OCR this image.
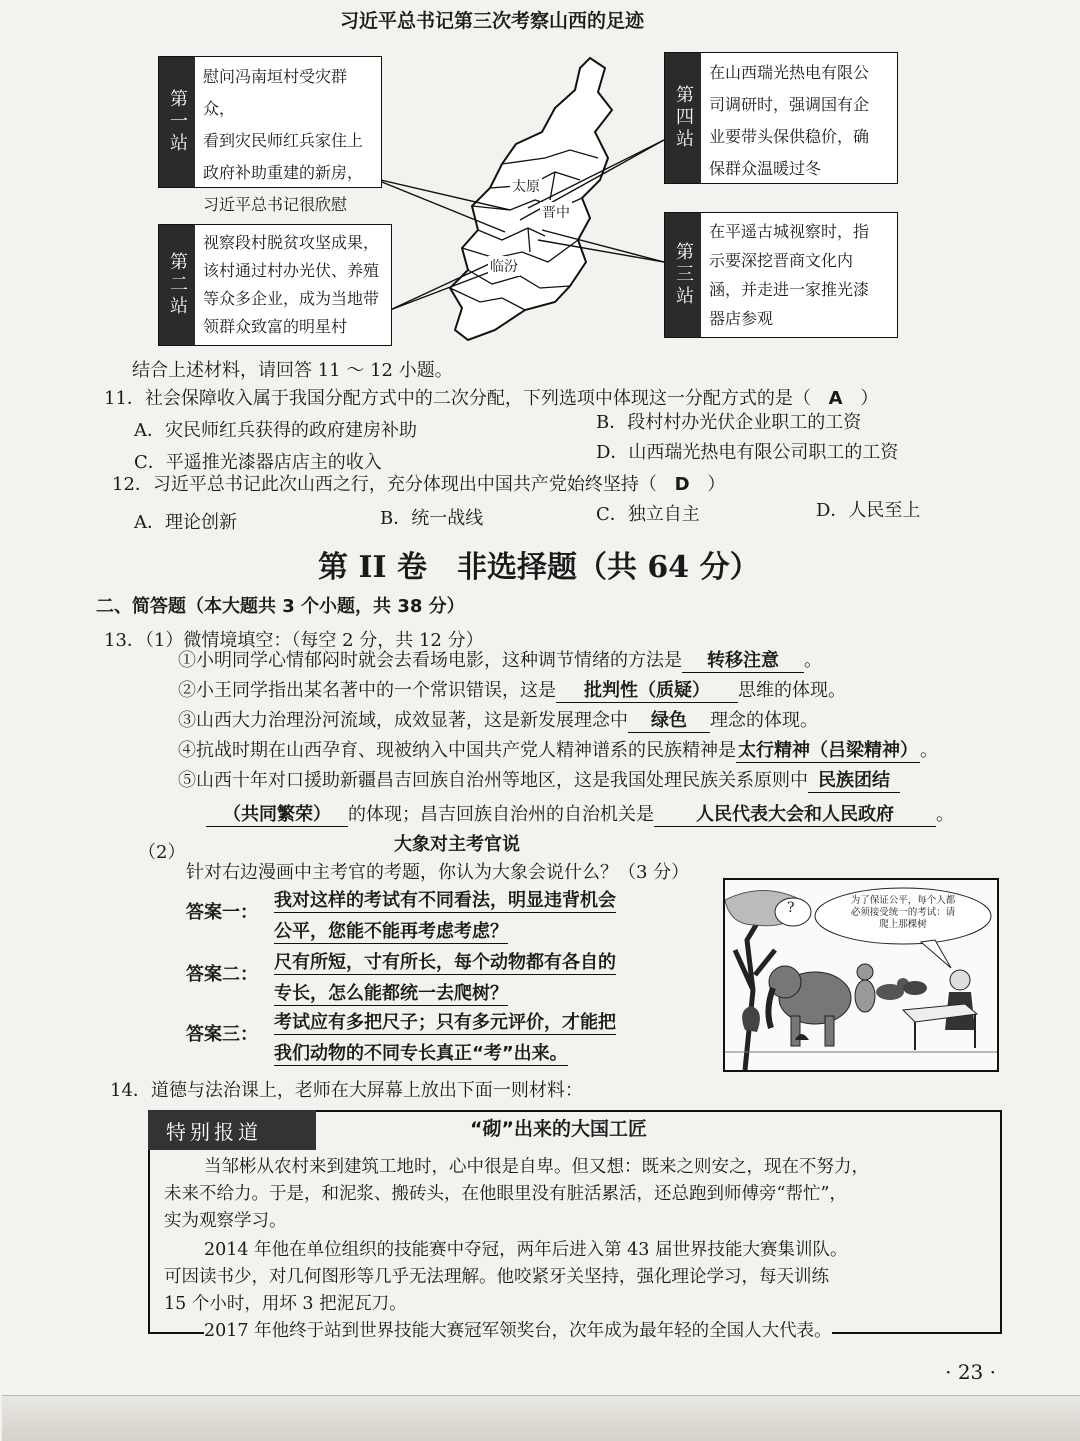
习近平总书记第三次考察山西的足迹
太原
晋中
临汾
第一站
慰问冯南垣村受灾群众，
看到灾民师红兵家住上
政府补助重建的新房，
习近平总书记很欣慰
第二站
视察段村脱贫攻坚成果，
该村通过村办光伏、养殖
等众多企业，成为当地带
领群众致富的明星村
第三站
在平遥古城视察时，指
示要深挖晋商文化内
涵，并走进一家推光漆
器店参观
第四站
在山西瑞光热电有限公
司调研时，强调国有企
业要带头保供稳价，确
保群众温暖过冬
结合上述材料，请回答 11 ～ 12 小题。
11．社会保障收入属于我国分配方式中的二次分配，下列选项中体现这一分配方式的是（ A ）
A．灾民师红兵获得的政府建房补助	B．段村村办光伏企业职工的工资
C．平遥推光漆器店店主的收入	D．山西瑞光热电有限公司职工的工资
12．习近平总书记此次山西之行，充分体现出中国共产党始终坚持（ D ）
A．理论创新	B．统一战线	C．独立自主	D．人民至上
第 II 卷　非选择题（共 64 分）
二、简答题（本大题共 3 个小题，共 38 分）
13．（1）微情境填空：（每空 2 分，共 12 分）
①小明同学心情郁闷时就会去看场电影，这种调节情绪的方法是 转移注意 。
②小王同学指出某名著中的一个常识错误，这是 批判性（质疑） 思维的体现。
③山西大力治理汾河流域，成效显著，这是新发展理念中 绿色 理念的体现。
④抗战时期在山西孕育、现被纳入中国共产党人精神谱系的民族精神是 太行精神（吕梁精神） 。
⑤山西十年对口援助新疆昌吉回族自治州等地区，这是我国处理民族关系原则中 民族团结
（共同繁荣） 的体现；昌吉回族自治州的自治机关是 人民代表大会和人民政府 。
（2）	大象对主考官说
针对右边漫画中主考官的考题，你认为大象会说什么？（3 分）
答案一：
我对这样的考试有不同看法，明显违背机会
公平，您能不能再考虑考虑？
答案二：
尺有所短，寸有所长，每个动物都有各自的
专长，怎么能都统一去爬树？
答案三：
考试应有多把尺子；只有多元评价，才能把
我们动物的不同专长真正“考”出来。
?	为了保证公平，每个人都
必须接受统一的考试：请
爬上那棵树
14．道德与法治课上，老师在大屏幕上放出下面一则材料：
特别报道	“砌”出来的大国工匠
当邹彬从农村来到建筑工地时，心中很是自卑。但又想：既来之则安之，现在不努力，
未来不给力。于是，和泥浆、搬砖头，在他眼里没有脏活累活，还总跑到师傅旁“帮忙”，
实为观察学习。
2014 年他在单位组织的技能赛中夺冠，两年后进入第 43 届世界技能大赛集训队。
可因读书少，对几何图形等几乎无法理解。他咬紧牙关坚持，强化理论学习，每天训练
15 个小时，用坏 3 把泥瓦刀。
2017 年他终于站到世界技能大赛冠军领奖台，次年成为最年轻的全国人大代表。
· 23 ·
